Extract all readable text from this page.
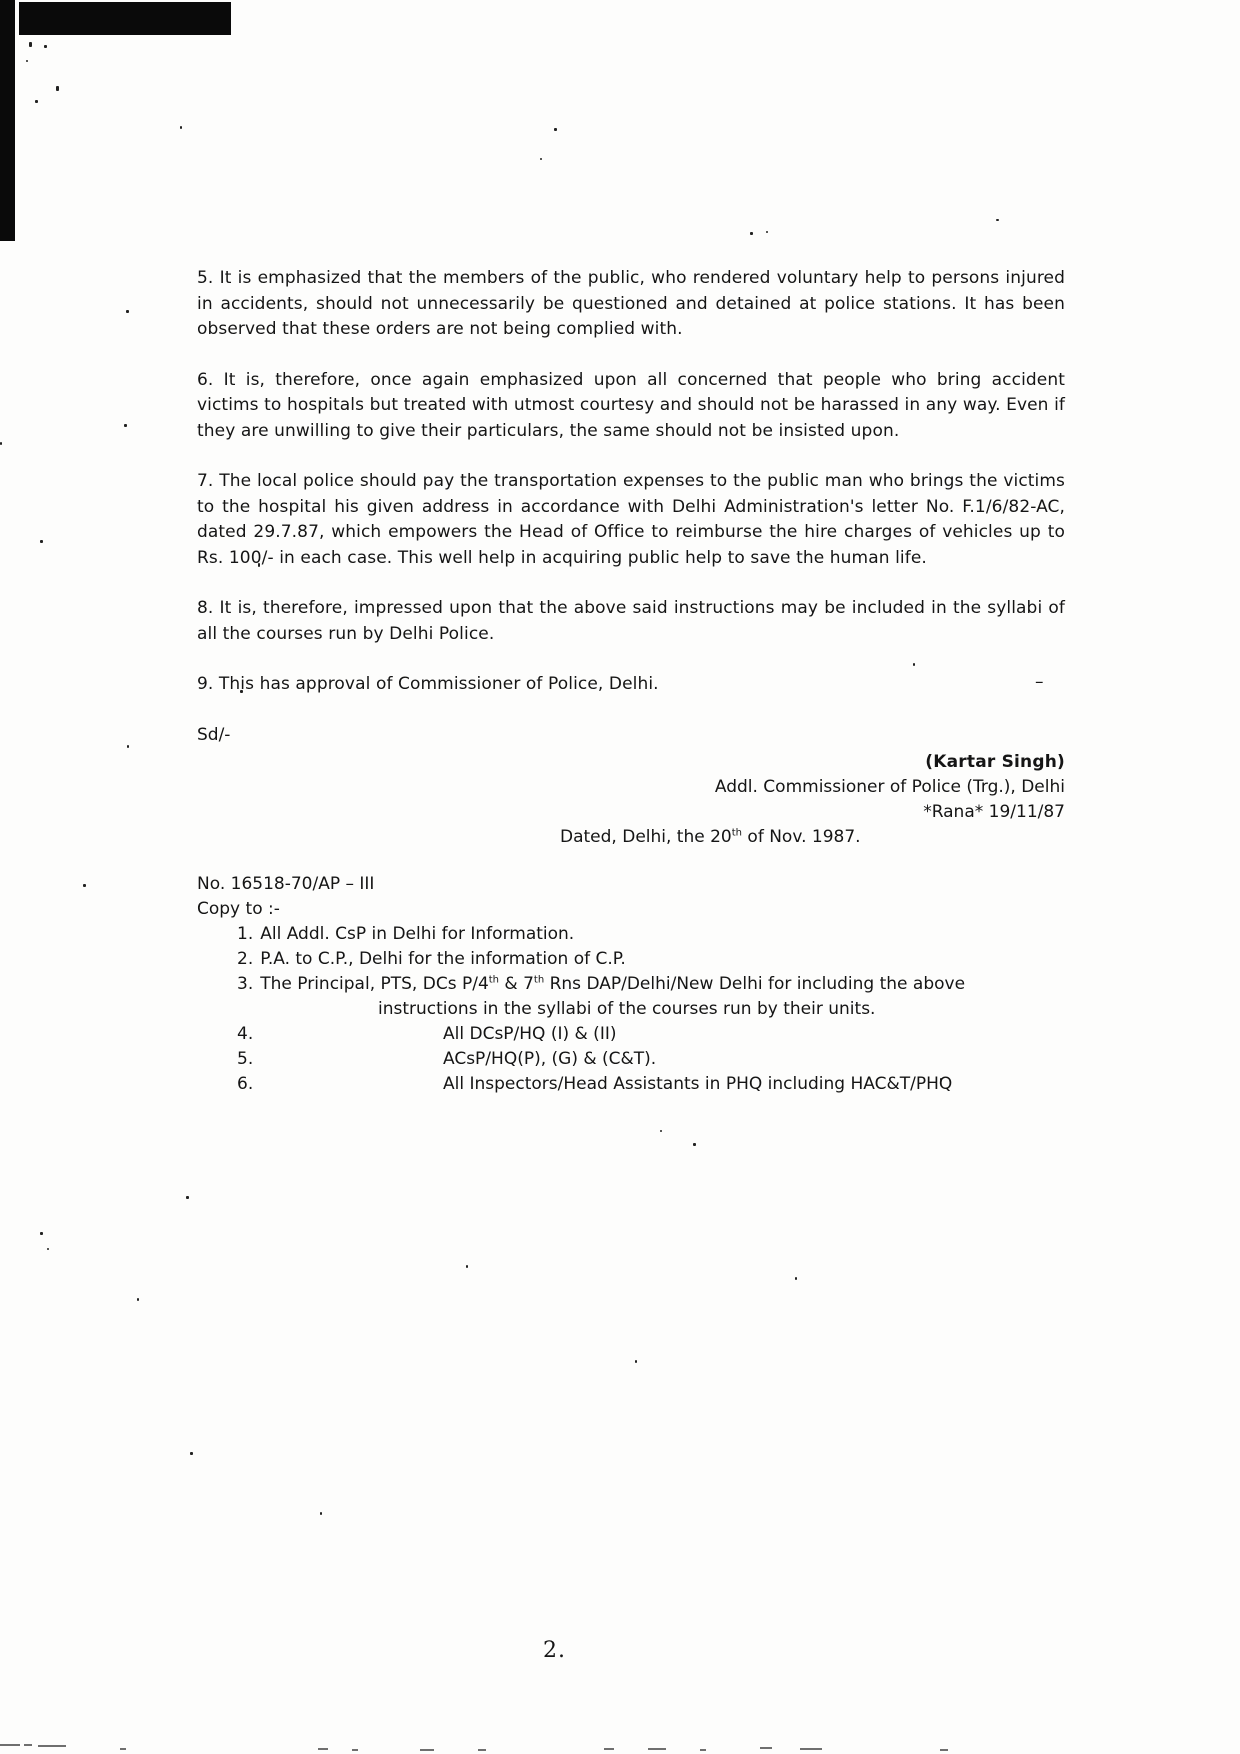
–

5. It is emphasized that the members of the public, who rendered voluntary help to persons injured in accidents, should not unnecessarily be questioned and detained at police stations. It has been observed that these orders are not being complied with.

6. It is, therefore, once again emphasized upon all concerned that people who bring accident victims to hospitals but treated with utmost courtesy and should not be harassed in any way. Even if they are unwilling to give their particulars, the same should not be insisted upon.

7. The local police should pay the transportation expenses to the public man who brings the victims to the hospital his given address in accordance with Delhi Administration's letter No. F.1/6/82-AC, dated 29.7.87, which empowers the Head of Office to reimburse the hire charges of vehicles up to Rs. 100/- in each case. This well help in acquiring public help to save the human life.

8. It is, therefore, impressed upon that the above said instructions may be included in the syllabi of all the courses run by Delhi Police.

9. This has approval of Commissioner of Police, Delhi.

Sd/-
(Kartar Singh)
Addl. Commissioner of Police (Trg.), Delhi
*Rana* 19/11/87
Dated, Delhi, the 20th of Nov. 1987.
No. 16518-70/AP – III
Copy to :-
1. All Addl. CsP in Delhi for Information.
2. P.A. to C.P., Delhi for the information of C.P.
3. The Principal, PTS, DCs P/4th & 7th Rns DAP/Delhi/New Delhi for including the above
instructions in the syllabi of the courses run by their units.
4.	All DCsP/HQ (I) & (II)
5.	ACsP/HQ(P), (G) & (C&T).
6.	All Inspectors/Head Assistants in PHQ including HAC&T/PHQ
2.
